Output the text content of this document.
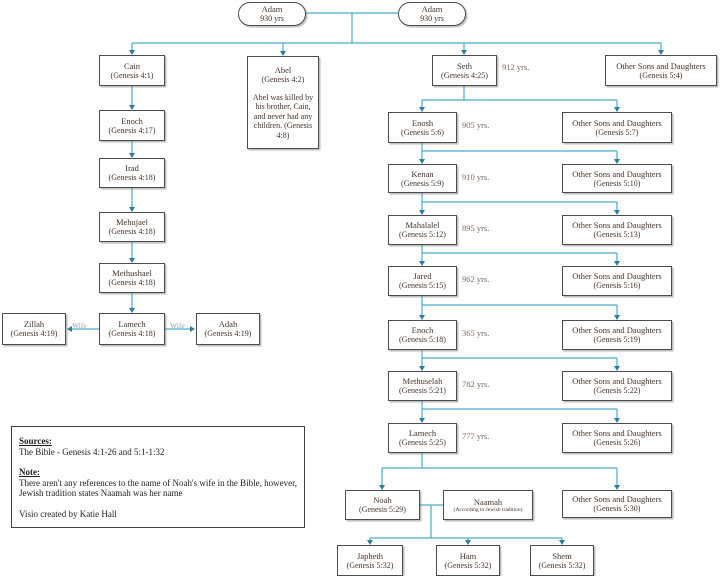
Wife	Wife
Sources:
The Bible - Genesis 4:1-26 and 5:1-1:32
Note:
There aren't any references to the name of Noah's wife in the Bible, however,
Jewish tradition states Naamah was her name
Visio created by Katie Hall
Adam
930 yrs
Adam
930 yrs
Cain
(Genesis 4:1)
Abel
(Genesis 4:2)
Abel was killed by his brother, Cain, and never had any children. (Genesis 4:8)
Seth
(Genesis 4:25)
912 yrs.	Other Sons and Daughters
(Genesis 5:4)
Enoch
(Genesis 4:17)
Irad
(Genesis 4:18)
Mehujael
(Genesis 4:18)
Methushael
(Genesis 4:18)
Lamech
(Genesis 4:18)
Zillah
(Genesis 4:19)
Adah
(Genesis 4:19)
Enosh
(Genesis 5:6)
905 yrs.	Other Sons and Daughters
(Genesis 5:7)
Kenan
(Genesis 5:9)
910 yrs.	Other Sons and Daughters
(Genesis 5:10)
Mahalalel
(Genesis 5:12)
895 yrs.	Other Sons and Daughters
(Genesis 5:13)
Jared
(Genesis 5:15)
962 yrs.	Other Sons and Daughters
(Genesis 5:16)
Enoch
(Genesis 5:18)
365 yrs.	Other Sons and Daughters
(Genesis 5:19)
Methuselah
(Genesis 5:21)
782 yrs.	Other Sons and Daughters
(Genesis 5:22)
Lamech
(Genesis 5:25)
777 yrs.	Other Sons and Daughters
(Genesis 5:26)
Noah
(Genesis 5:29)
Naamah
(According to Jewish tradition)
Other Sons and Daughters
(Genesis 5:30)
Japheth
(Genesis 5:32)
Ham
(Genesis 5:32)
Shem
(Genesis 5:32)
